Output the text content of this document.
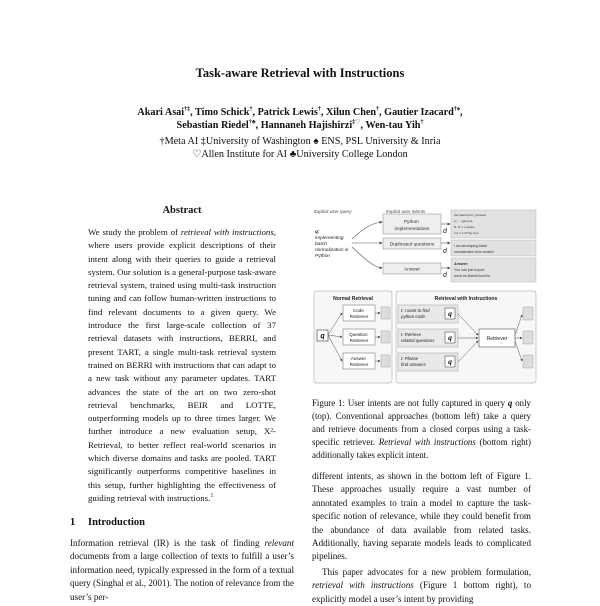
Task-aware Retrieval with Instructions
Akari Asai†‡, Timo Schick†, Patrick Lewis†, Xilun Chen†, Gautier Izacard†♠,
Sebastian Riedel†♣, Hannaneh Hajishirzi‡♡, Wen-tau Yih†
†Meta AI ‡University of Washington ♠ ENS, PSL University & Inria
♡Allen Institute for AI ♣University College London
Abstract

We study the problem of retrieval with instructions, where users provide explicit descriptions of their intent along with their queries to guide a retrieval system. Our solution is a general-purpose task-aware retrieval system, trained using multi-task instruction tuning and can follow human-written instructions to find relevant documents to a given query. We introduce the first large-scale collection of 37 retrieval datasets with instructions, BERRI, and present TART, a single multi-task retrieval system trained on BERRI with instructions that can adapt to a new task without any parameter updates. TART advances the state of the art on two zero-shot retrieval benchmarks, BEIR and LOTTE, outperforming models up to three times larger. We further introduce a new evaluation setup, X²-Retrieval, to better reflect real-world scenarios in which diverse domains and tasks are pooled. TART significantly outperforms competitive baselines in this setup, further highlighting the effectiveness of guiding retrieval with instructions.$^1$

1 Introduction

Information retrieval (IR) is the task of finding relevant documents from a large collection of texts to fulfill a user’s information need, typically expressed in the form of a textual query (Singhal et al., 2001). The notion of relevance from the user’s per-

Explicit user query	Implicit user intents
q: implementing batch normalization in Python
Python implementations
Duplicated questions
Answer
d
d
d
def batchnorm_forward (x, ... gamma, N, D = x.shape mu = 1./N*np.sum
I am developing batch normalization from scratch
Answer: You can just import torch.nn.BatchNorm2d
Normal Retrieval
q
Code Retriever
Question Retriever
Answer Retriever
Retrieval with Instructions
t: I want to find python code
t: Retrieve related questions
t: Please find answers
q
q
q
Retriever

Figure 1: User intents are not fully captured in query q only (top). Conventional approaches (bottom left) take a query and retrieve documents from a closed corpus using a task-specific retriever. Retrieval with instructions (bottom right) additionally takes explicit intent.

different intents, as shown in the bottom left of Figure 1. These approaches usually require a vast number of annotated examples to train a model to capture the task-specific notion of relevance, while they could benefit from the abundance of data available from related tasks. Additionally, having separate models leads to complicated pipelines.

This paper advocates for a new problem formulation, retrieval with instructions (Figure 1 bottom right), to explicitly model a user’s intent by providing
